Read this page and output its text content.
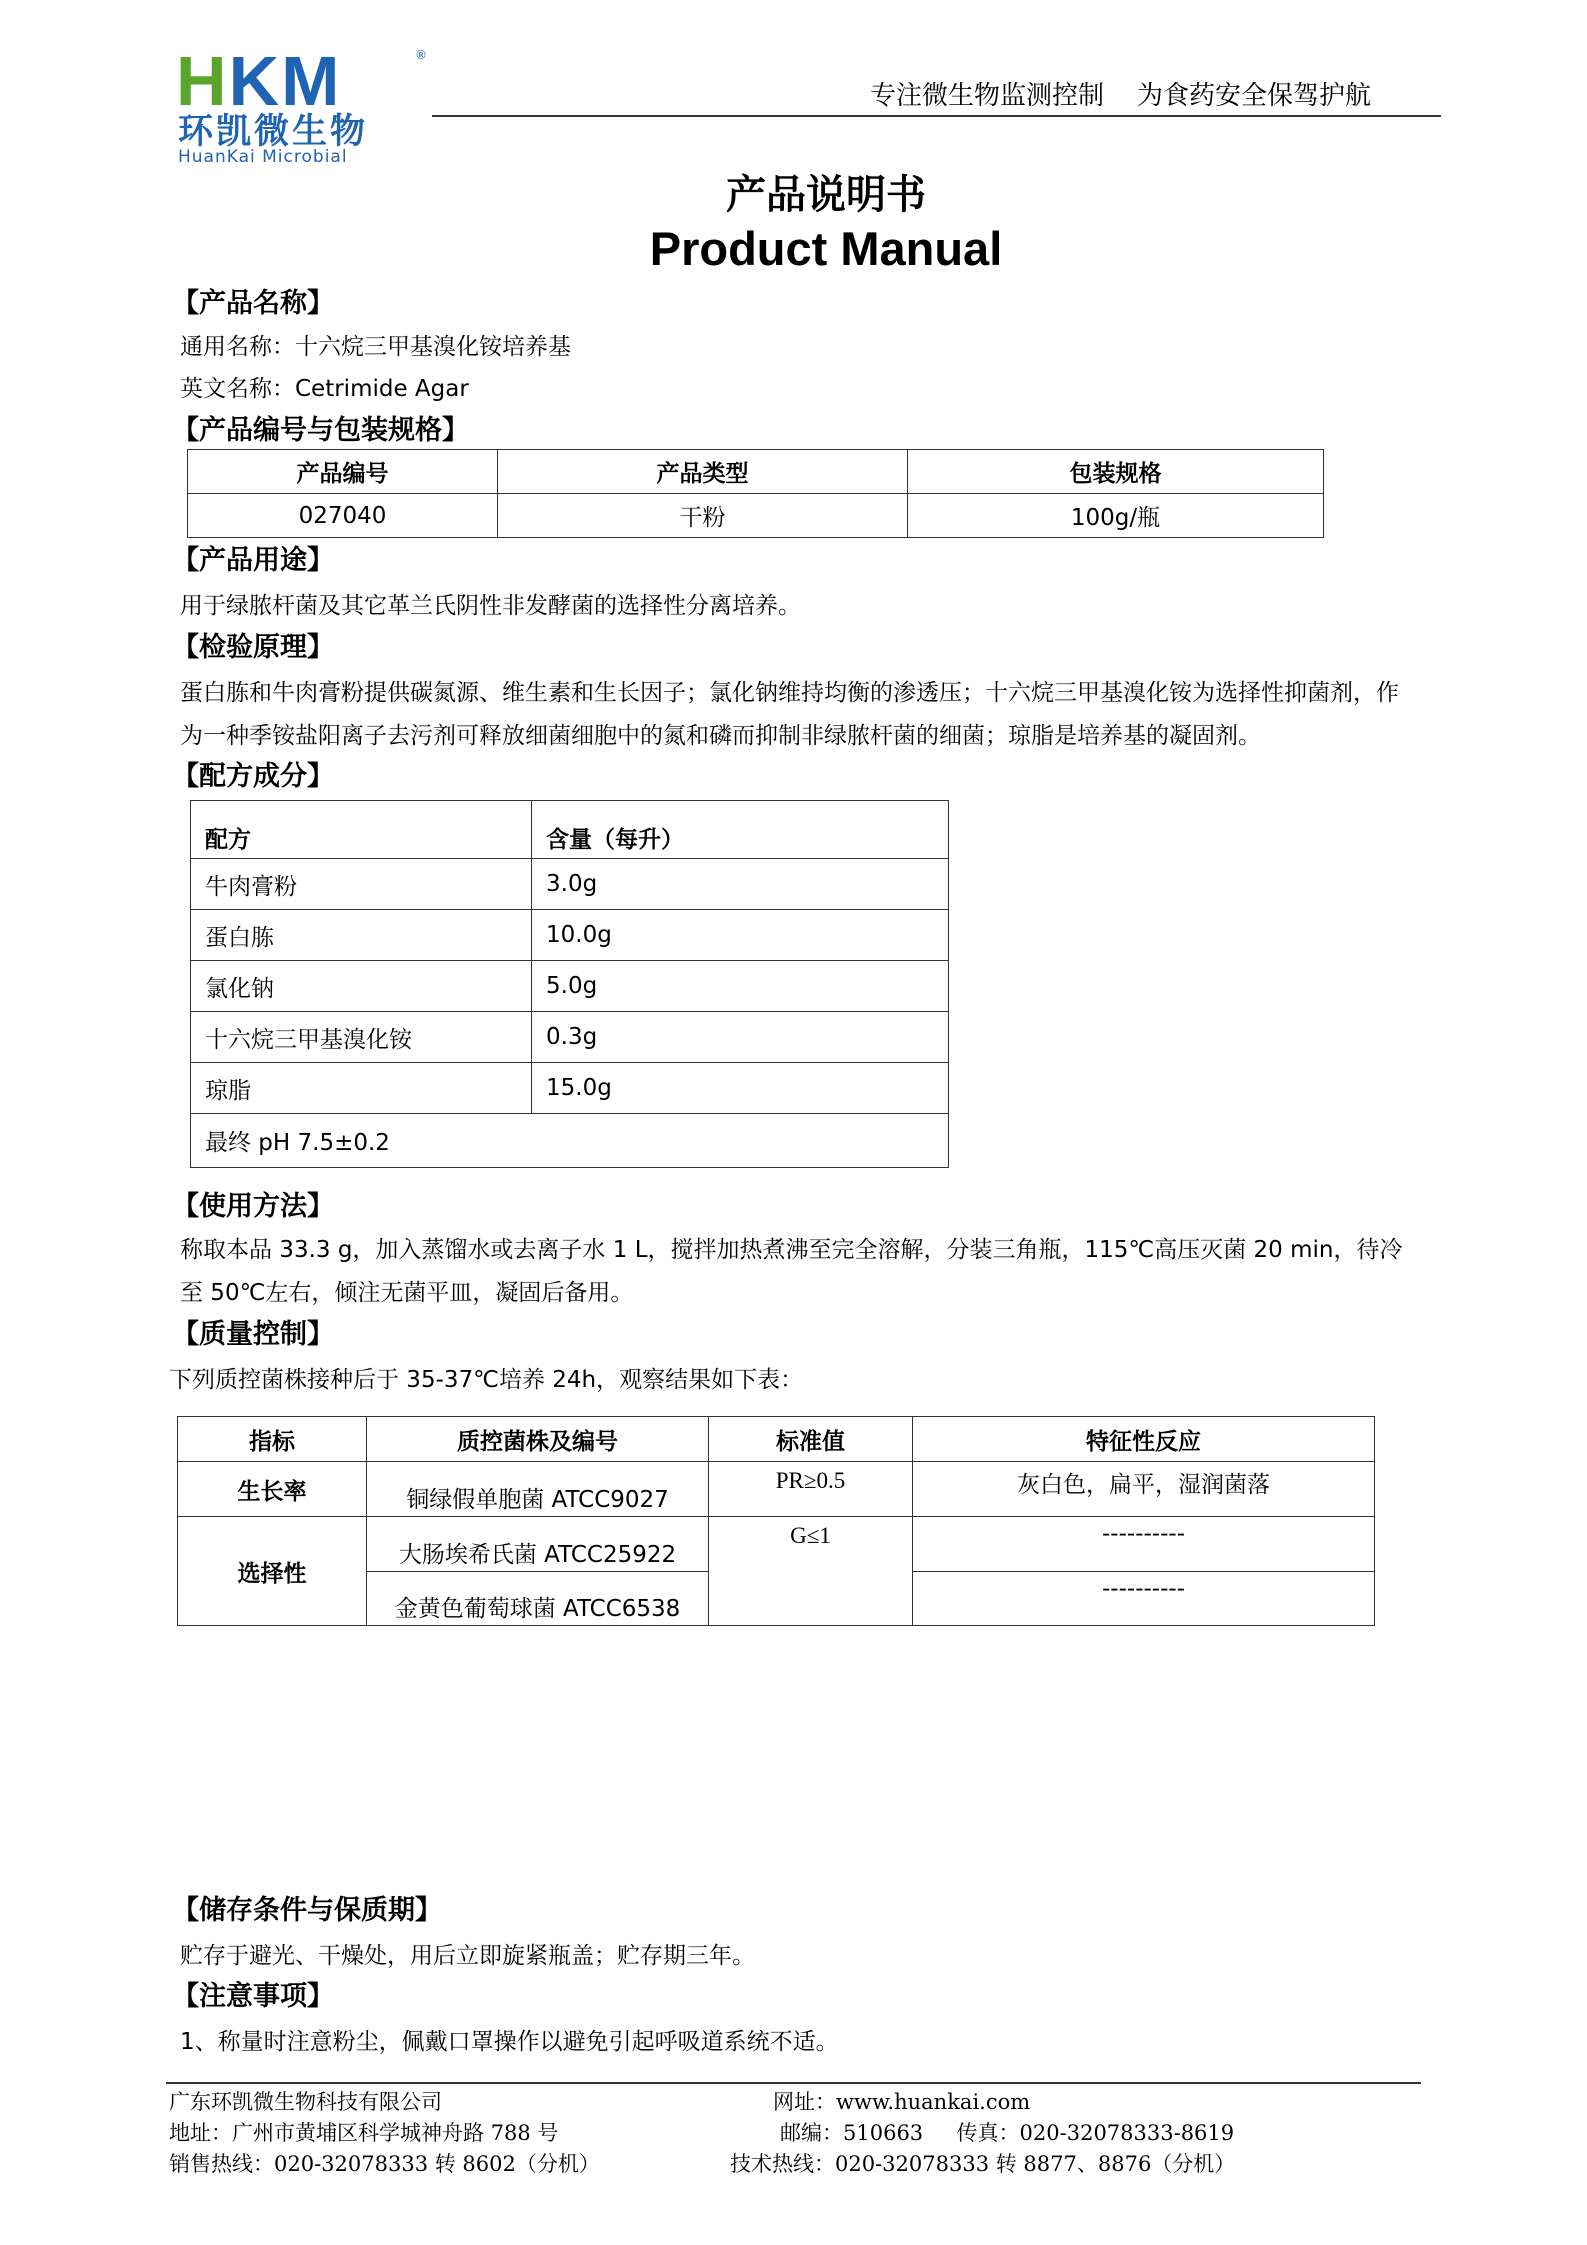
HKM	®
环凯微生物
HuanKai Microbial
专注微生物监测控制    为食药安全保驾护航
产品说明书
Product Manual
【产品名称】
通用名称：十六烷三甲基溴化铵培养基
英文名称：Cetrimide Agar
【产品编号与包装规格】
产品编号	产品类型	包装规格
027040	干粉	100g/瓶
【产品用途】
用于绿脓杆菌及其它革兰氏阴性非发酵菌的选择性分离培养。
【检验原理】
蛋白胨和牛肉膏粉提供碳氮源、维生素和生长因子；氯化钠维持均衡的渗透压；十六烷三甲基溴化铵为选择性抑菌剂，作
为一种季铵盐阳离子去污剂可释放细菌细胞中的氮和磷而抑制非绿脓杆菌的细菌；琼脂是培养基的凝固剂。
【配方成分】
配方	含量（每升）
牛肉膏粉	3.0g
蛋白胨	10.0g
氯化钠	5.0g
十六烷三甲基溴化铵	0.3g
琼脂	15.0g
最终 pH 7.5±0.2	
【使用方法】
称取本品 33.3 g，加入蒸馏水或去离子水 1 L，搅拌加热煮沸至完全溶解，分装三角瓶，115℃高压灭菌 20 min，待冷
至 50℃左右，倾注无菌平皿，凝固后备用。
【质量控制】
下列质控菌株接种后于 35-37℃培养 24h，观察结果如下表：
指标	质控菌株及编号	标准值	特征性反应
生长率	铜绿假单胞菌 ATCC9027	PR≥0.5	灰白色，扁平，湿润菌落
选择性	大肠埃希氏菌 ATCC25922	G≤1	----------
	金黄色葡萄球菌 ATCC6538		----------
【储存条件与保质期】
贮存于避光、干燥处，用后立即旋紧瓶盖；贮存期三年。
【注意事项】
1、称量时注意粉尘，佩戴口罩操作以避免引起呼吸道系统不适。
广东环凯微生物科技有限公司	网址：www.huankai.com
地址：广州市黄埔区科学城神舟路 788 号	邮编：510663     传真：020-32078333-8619
销售热线：020-32078333 转 8602（分机）	技术热线：020-32078333 转 8877、8876（分机）
